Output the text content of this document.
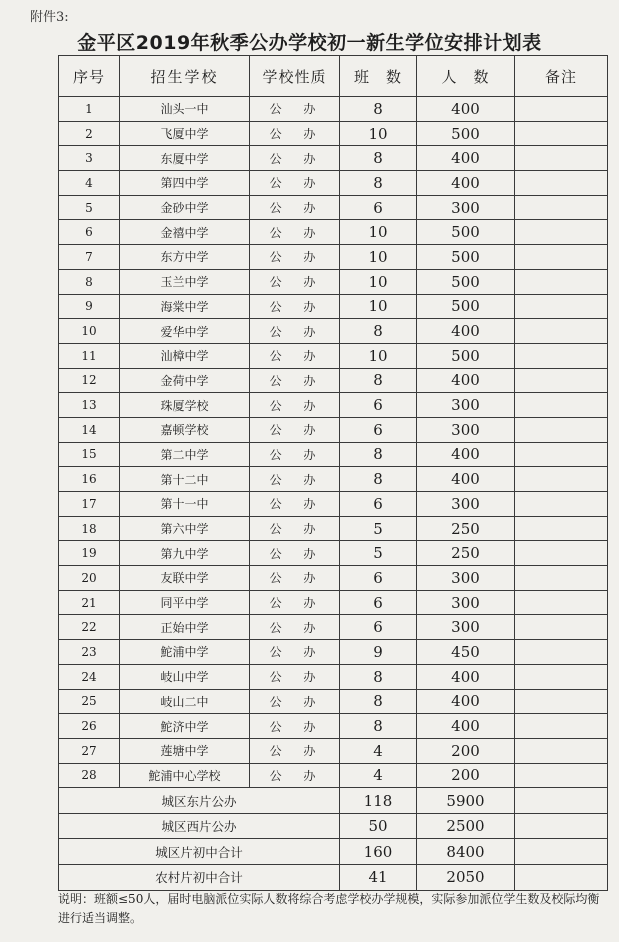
附件3:
金平区2019年秋季公办学校初一新生学位安排计划表
序号	招生学校	学校性质	班　数	人　数	备注
1	汕头一中	公 办	8	400	
2	飞厦中学	公 办	10	500	
3	东厦中学	公 办	8	400	
4	第四中学	公 办	8	400	
5	金砂中学	公 办	6	300	
6	金禧中学	公 办	10	500	
7	东方中学	公 办	10	500	
8	玉兰中学	公 办	10	500	
9	海棠中学	公 办	10	500	
10	爱华中学	公 办	8	400	
11	汕樟中学	公 办	10	500	
12	金荷中学	公 办	8	400	
13	珠厦学校	公 办	6	300	
14	嘉顿学校	公 办	6	300	
15	第二中学	公 办	8	400	
16	第十二中	公 办	8	400	
17	第十一中	公 办	6	300	
18	第六中学	公 办	5	250	
19	第九中学	公 办	5	250	
20	友联中学	公 办	6	300	
21	同平中学	公 办	6	300	
22	正始中学	公 办	6	300	
23	鮀浦中学	公 办	9	450	
24	岐山中学	公 办	8	400	
25	岐山二中	公 办	8	400	
26	鮀济中学	公 办	8	400	
27	莲塘中学	公 办	4	200	
28	鮀浦中心学校	公 办	4	200	
城区东片公办			118	5900	
城区西片公办			50	2500	
城区片初中合计			160	8400	
农村片初中合计			41	2050	
说明：班额≤50人，届时电脑派位实际人数将综合考虑学校办学规模，实际参加派位学生数及校际均衡进行适当调整。
